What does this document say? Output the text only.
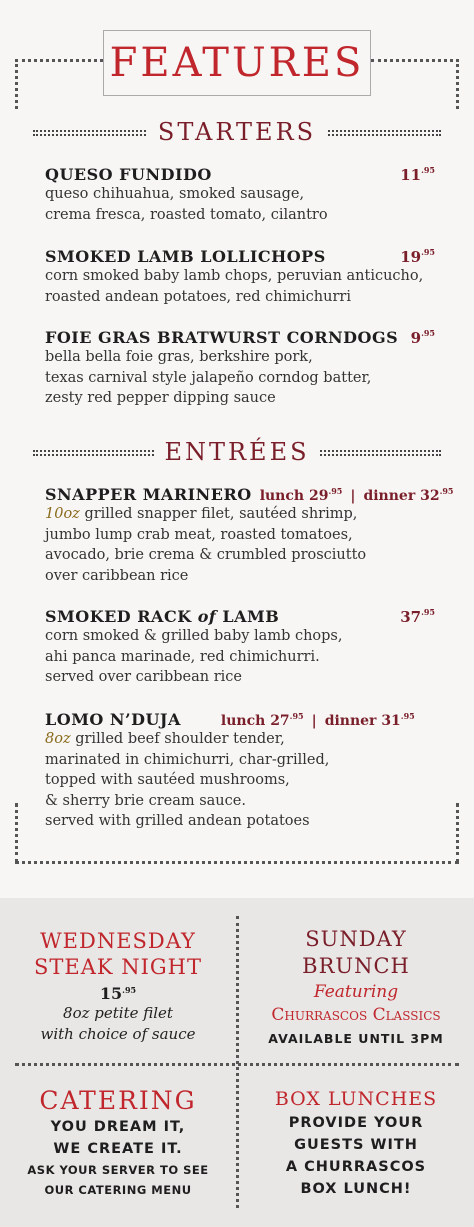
FEATURES
STARTERS
QUESO FUNDIDO	$11^{.95}$
queso chihuahua, smoked sausage,
crema fresca, roasted tomato, cilantro
SMOKED LAMB LOLLICHOPS	$19^{.95}$
corn smoked baby lamb chops, peruvian anticucho,
roasted andean potatoes, red chimichurri
FOIE GRAS BRATWURST CORNDOGS $9^{.95}$
bella bella foie gras, berkshire pork,
texas carnival style jalapeño corndog batter,
zesty red pepper dipping sauce
ENTRÉES
SNAPPER MARINERO lunch $29^{.95}$ | dinner $32^{.95}$
10oz grilled snapper filet, sautéed shrimp,
jumbo lump crab meat, roasted tomatoes,
avocado, brie crema & crumbled prosciutto
over caribbean rice
SMOKED RACK of LAMB	$37^{.95}$
corn smoked & grilled baby lamb chops,
ahi panca marinade, red chimichurri.
served over caribbean rice
LOMO N’DUJA	lunch $27^{.95}$ | dinner $31^{.95}$
8oz grilled beef shoulder tender,
marinated in chimichurri, char-grilled,
topped with sautéed mushrooms,
& sherry brie cream sauce.
served with grilled andean potatoes
WEDNESDAY
STEAK NIGHT
$15^{.95}$
8oz petite filet
with choice of sauce
SUNDAY
BRUNCH
Featuring
Churrascos Classics
AVAILABLE UNTIL 3PM
CATERING
YOU DREAM IT,
WE CREATE IT.
ASK YOUR SERVER TO SEE
OUR CATERING MENU
BOX LUNCHES
PROVIDE YOUR
GUESTS WITH
A CHURRASCOS
BOX LUNCH!
